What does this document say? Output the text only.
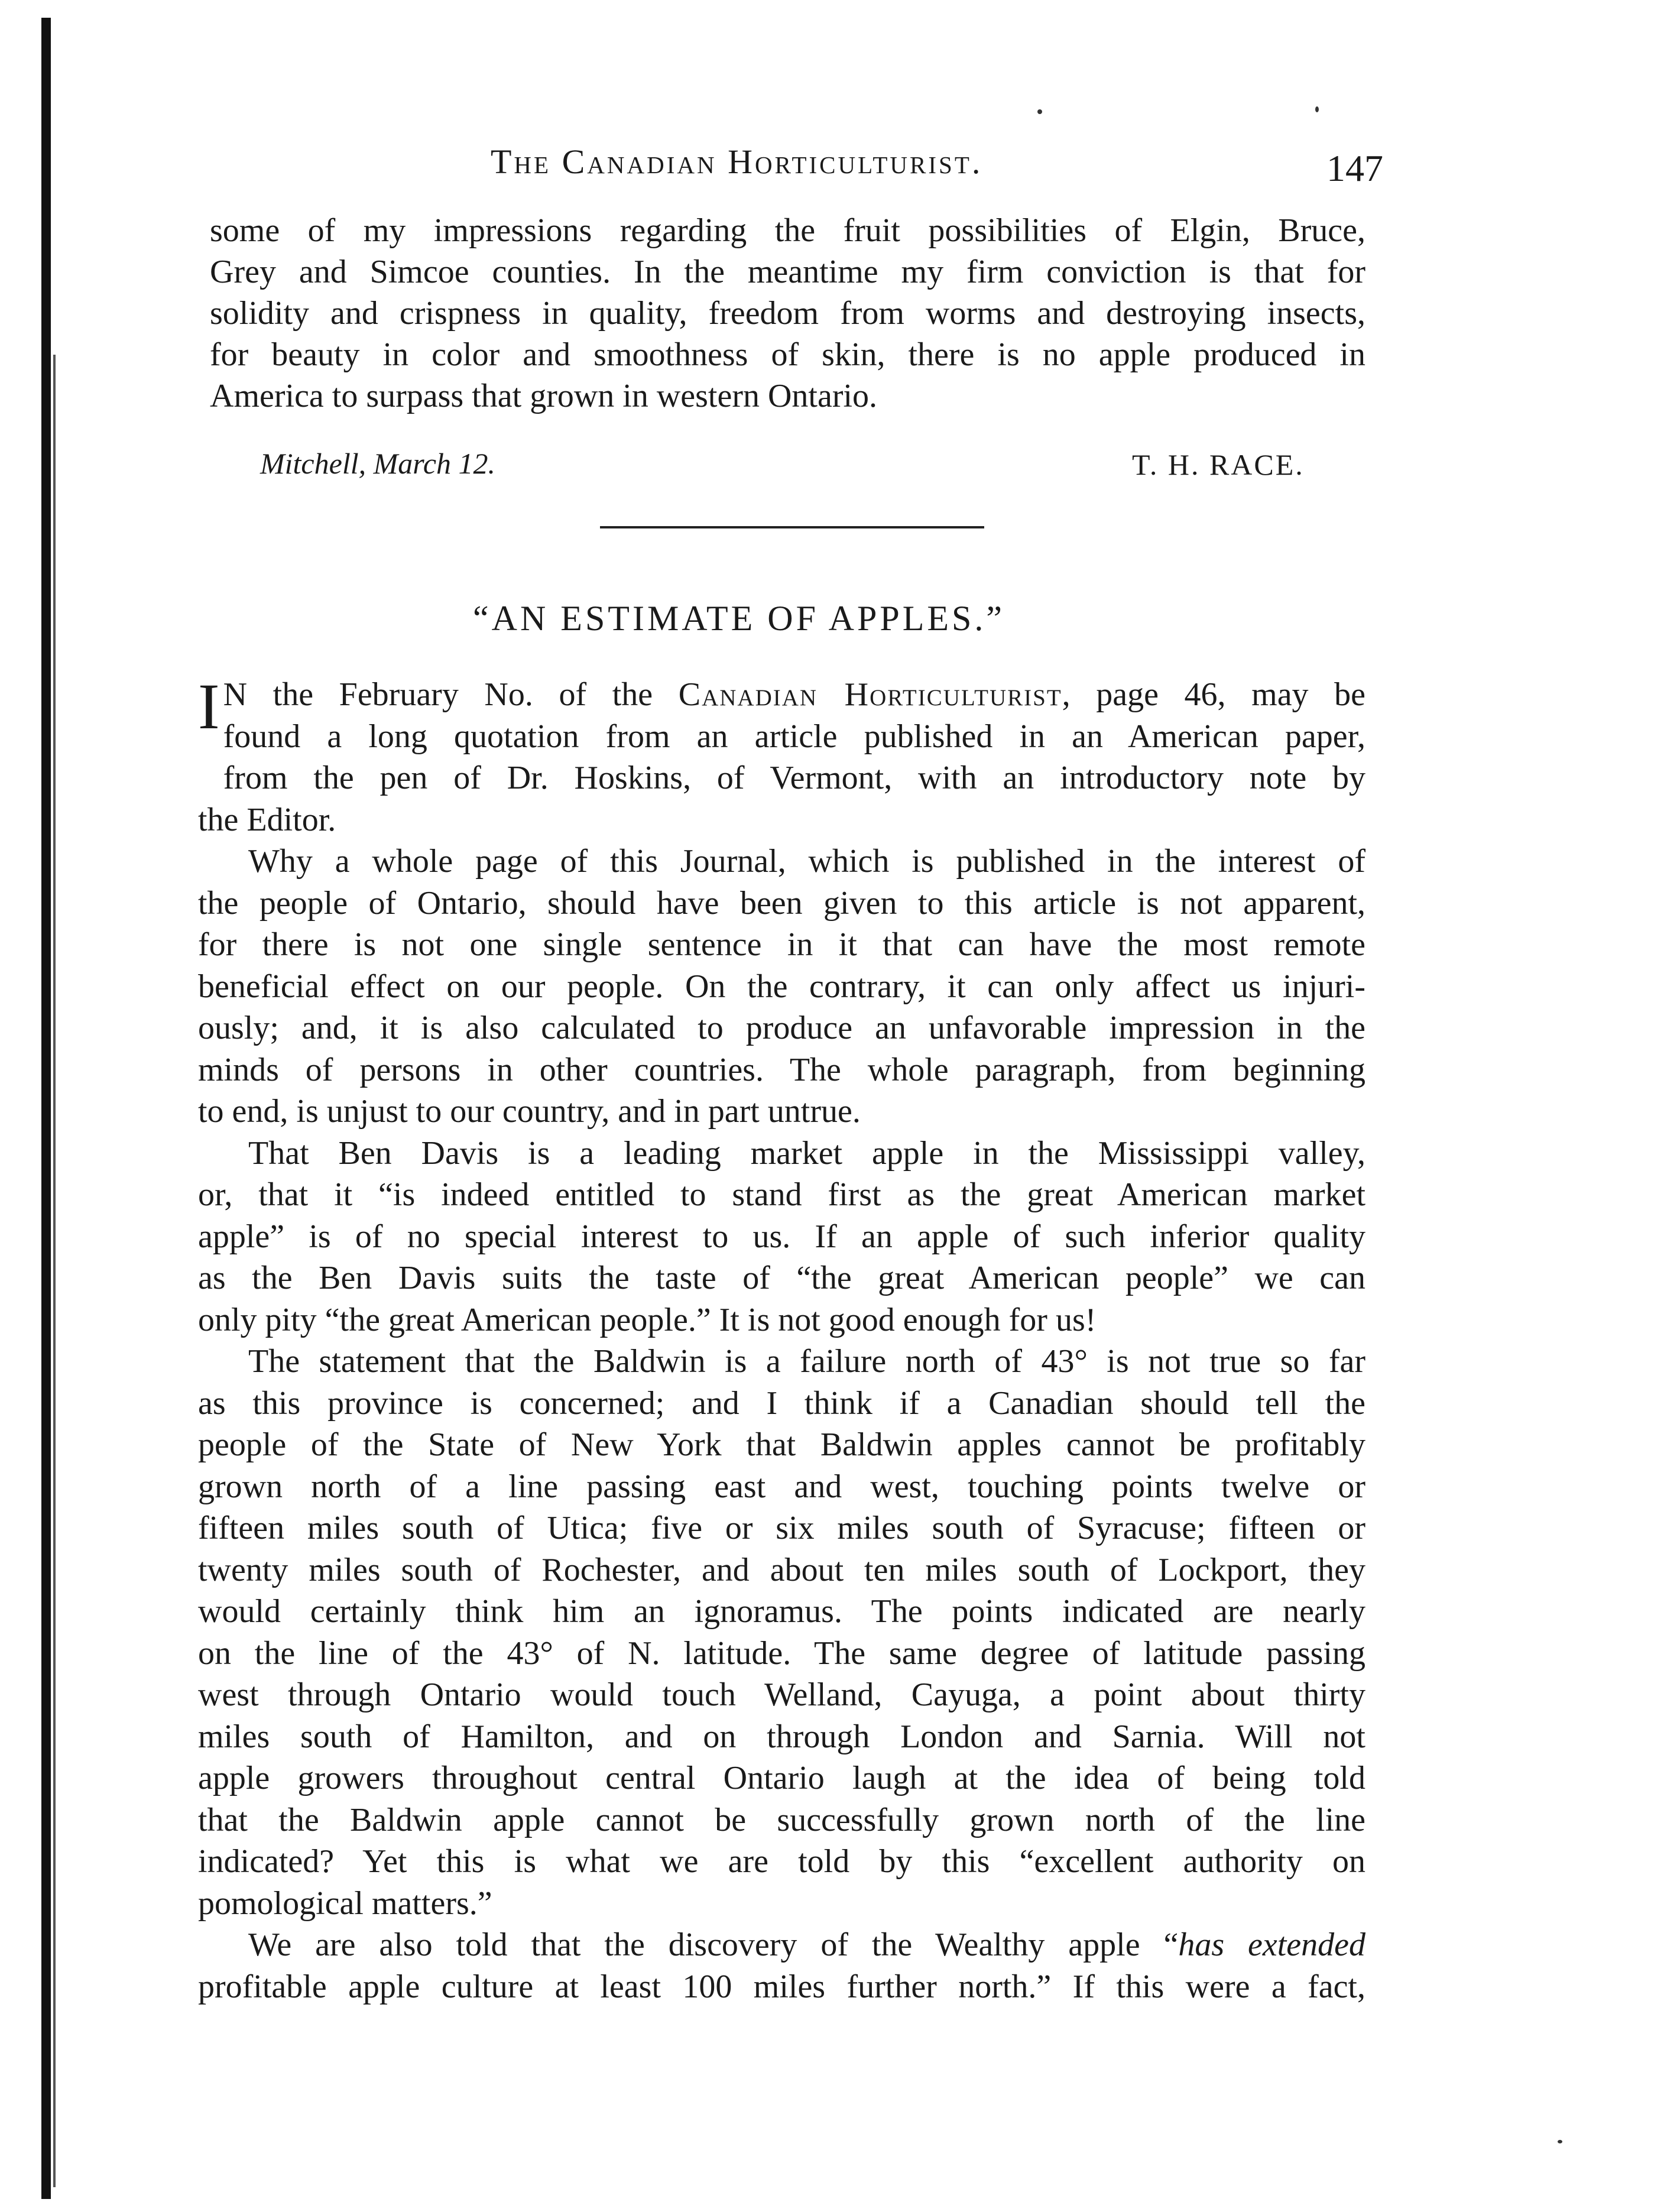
The Canadian Horticulturist.	147
some of my impressions regarding the fruit possibilities of Elgin, Bruce,
Grey and Simcoe counties. In the meantime my firm conviction is that for
solidity and crispness in quality, freedom from worms and destroying insects,
for beauty in color and smoothness of skin, there is no apple produced in
America to surpass that grown in western Ontario.
Mitchell, March 12.	T. H. RACE.
“AN ESTIMATE OF APPLES.”
I N the February No. of the Canadian Horticulturist, page 46, may be
found a long quotation from an article published in an American paper,
from the pen of Dr. Hoskins, of Vermont, with an introductory note by
the Editor.
Why a whole page of this Journal, which is published in the interest of
the people of Ontario, should have been given to this article is not apparent,
for there is not one single sentence in it that can have the most remote
beneficial effect on our people. On the contrary, it can only affect us injuri-
ously; and, it is also calculated to produce an unfavorable impression in the
minds of persons in other countries. The whole paragraph, from beginning
to end, is unjust to our country, and in part untrue.
That Ben Davis is a leading market apple in the Mississippi valley,
or, that it “is indeed entitled to stand first as the great American market
apple” is of no special interest to us. If an apple of such inferior quality
as the Ben Davis suits the taste of “the great American people” we can
only pity “the great American people.” It is not good enough for us!
The statement that the Baldwin is a failure north of 43° is not true so far
as this province is concerned; and I think if a Canadian should tell the
people of the State of New York that Baldwin apples cannot be profitably
grown north of a line passing east and west, touching points twelve or
fifteen miles south of Utica; five or six miles south of Syracuse; fifteen or
twenty miles south of Rochester, and about ten miles south of Lockport, they
would certainly think him an ignoramus. The points indicated are nearly
on the line of the 43° of N. latitude. The same degree of latitude passing
west through Ontario would touch Welland, Cayuga, a point about thirty
miles south of Hamilton, and on through London and Sarnia. Will not
apple growers throughout central Ontario laugh at the idea of being told
that the Baldwin apple cannot be successfully grown north of the line
indicated? Yet this is what we are told by this “excellent authority on
pomological matters.”
We are also told that the discovery of the Wealthy apple “has extended
profitable apple culture at least 100 miles further north.” If this were a fact,
